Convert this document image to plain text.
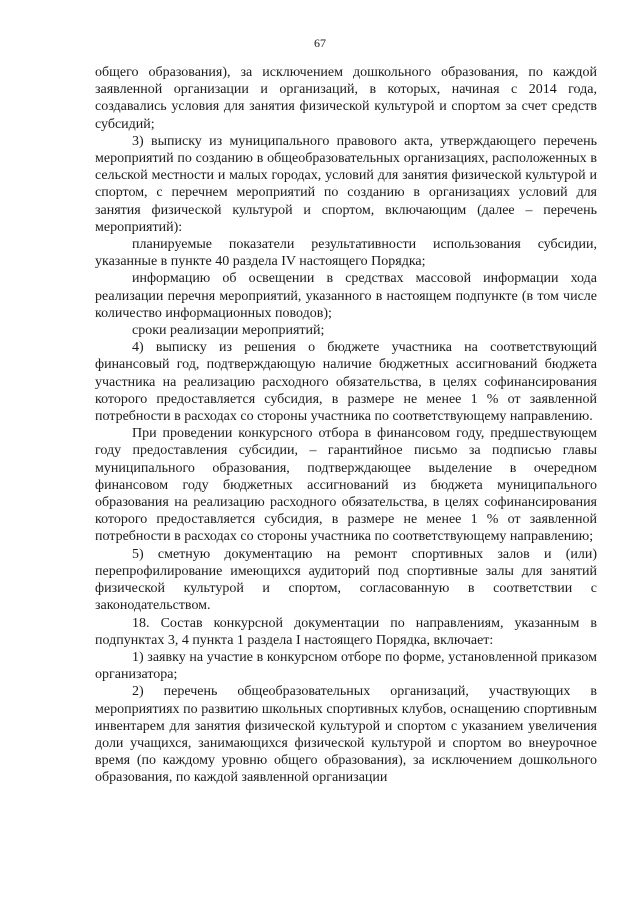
67

общего образования), за исключением дошкольного образования, по каждой заявленной организации и организаций, в которых, начиная с 2014 года, создавались условия для занятия физической культурой и спортом за счет средств субсидий;

3) выписку из муниципального правового акта, утверждающего перечень мероприятий по созданию в общеобразовательных организациях, расположенных в сельской местности и малых городах, условий для занятия физической культурой и спортом, с перечнем мероприятий по созданию в организациях условий для занятия физической культурой и спортом, включающим (далее – перечень мероприятий):

планируемые показатели результативности использования субсидии, указанные в пункте 40 раздела IV настоящего Порядка;

информацию об освещении в средствах массовой информации хода реализации перечня мероприятий, указанного в настоящем подпункте (в том числе количество информационных поводов);

сроки реализации мероприятий;

4) выписку из решения о бюджете участника на соответствующий финансовый год, подтверждающую наличие бюджетных ассигнований бюджета участника на реализацию расходного обязательства, в целях софинансирования которого предоставляется субсидия, в размере не менее 1 % от заявленной потребности в расходах со стороны участника по соответствующему направлению.

При проведении конкурсного отбора в финансовом году, предшествующем году предоставления субсидии, – гарантийное письмо за подписью главы муниципального образования, подтверждающее выделение в очередном финансовом году бюджетных ассигнований из бюджета муниципального образования на реализацию расходного обязательства, в целях софинансирования которого предоставляется субсидия, в размере не менее 1 % от заявленной потребности в расходах со стороны участника по соответствующему направлению;

5) сметную документацию на ремонт спортивных залов и (или) перепрофилирование имеющихся аудиторий под спортивные залы для занятий физической культурой и спортом, согласованную в соответствии с законодательством.

18. Состав конкурсной документации по направлениям, указанным в подпунктах 3, 4 пункта 1 раздела I настоящего Порядка, включает:

1) заявку на участие в конкурсном отборе по форме, установленной приказом организатора;

2) перечень общеобразовательных организаций, участвующих в мероприятиях по развитию школьных спортивных клубов, оснащению спортивным инвентарем для занятия физической культурой и спортом с указанием увеличения доли учащихся, занимающихся физической культурой и спортом во внеурочное время (по каждому уровню общего образования), за исключением дошкольного образования, по каждой заявленной организации
